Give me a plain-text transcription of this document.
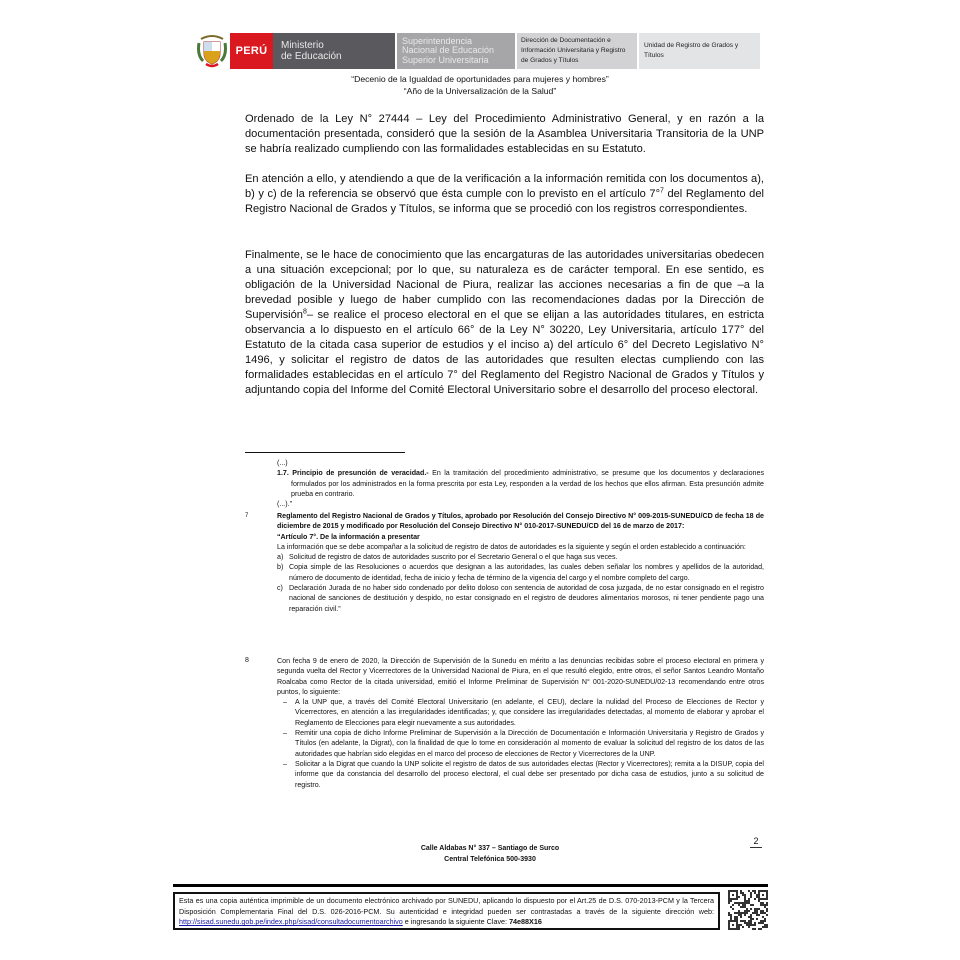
PERÚ Ministerio
de Educación
Superintendencia
Nacional de Educación
Superior Universitaria
Dirección de Documentación e
Información Universitaria y Registro
de Grados y Títulos
Unidad de Registro de Grados y
Títulos
“Decenio de la Igualdad de oportunidades para mujeres y hombres”
“Año de la Universalización de la Salud”

Ordenado de la Ley N° 27444 – Ley del Procedimiento Administrativo General, y en razón a la documentación presentada, consideró que la sesión de la Asamblea Universitaria Transitoria de la UNP se habría realizado cumpliendo con las formalidades establecidas en su Estatuto.

En atención a ello, y atendiendo a que de la verificación a la información remitida con los documentos a), b) y c) de la referencia se observó que ésta cumple con lo previsto en el artículo 7°$^7$ del Reglamento del Registro Nacional de Grados y Títulos, se informa que se procedió con los registros correspondientes.

Finalmente, se le hace de conocimiento que las encargaturas de las autoridades universitarias obedecen a una situación excepcional; por lo que, su naturaleza es de carácter temporal. En ese sentido, es obligación de la Universidad Nacional de Piura, realizar las acciones necesarias a fin de que –a la brevedad posible y luego de haber cumplido con las recomendaciones dadas por la Dirección de Supervisión$^8$– se realice el proceso electoral en el que se elijan a las autoridades titulares, en estricta observancia a lo dispuesto en el artículo 66° de la Ley N° 30220, Ley Universitaria, artículo 177° del Estatuto de la citada casa superior de estudios y el inciso a) del artículo 6° del Decreto Legislativo N° 1496, y solicitar el registro de datos de las autoridades que resulten electas cumpliendo con las formalidades establecidas en el artículo 7° del Reglamento del Registro Nacional de Grados y Títulos y adjuntando copia del Informe del Comité Electoral Universitario sobre el desarrollo del proceso electoral.

(...)
1.7. Principio de presunción de veracidad.- En la tramitación del procedimiento administrativo, se presume que los documentos y declaraciones formulados por los administrados en la forma prescrita por esta Ley, responden a la verdad de los hechos que ellos afirman. Esta presunción admite prueba en contrario.
(...).”
7	Reglamento del Registro Nacional de Grados y Títulos, aprobado por Resolución del Consejo Directivo N° 009-2015-SUNEDU/CD de fecha 18 de diciembre de 2015 y modificado por Resolución del Consejo Directivo N° 010-2017-SUNEDU/CD del 16 de marzo de 2017:
“Artículo 7°. De la información a presentar
La información que se debe acompañar a la solicitud de registro de datos de autoridades es la siguiente y según el orden establecido a continuación:
a) Solicitud de registro de datos de autoridades suscrito por el Secretario General o el que haga sus veces.
b) Copia simple de las Resoluciones o acuerdos que designan a las autoridades, las cuales deben señalar los nombres y apellidos de la autoridad, número de documento de identidad, fecha de inicio y fecha de término de la vigencia del cargo y el nombre completo del cargo.
c) Declaración Jurada de no haber sido condenado por delito doloso con sentencia de autoridad de cosa juzgada, de no estar consignado en el registro nacional de sanciones de destitución y despido, no estar consignado en el registro de deudores alimentarios morosos, ni tener pendiente pago una reparación civil.”
8	Con fecha 9 de enero de 2020, la Dirección de Supervisión de la Sunedu en mérito a las denuncias recibidas sobre el proceso electoral en primera y segunda vuelta del Rector y Vicerrectores de la Universidad Nacional de Piura, en el que resultó elegido, entre otros, el señor Santos Leandro Montaño Roalcaba como Rector de la citada universidad, emitió el Informe Preliminar de Supervisión N° 001-2020-SUNEDU/02-13 recomendando entre otros puntos, lo siguiente:
– A la UNP que, a través del Comité Electoral Universitario (en adelante, el CEU), declare la nulidad del Proceso de Elecciones de Rector y Vicerrectores, en atención a las irregularidades identificadas; y, que considere las irregularidades detectadas, al momento de elaborar y aprobar el Reglamento de Elecciones para elegir nuevamente a sus autoridades.
– Remitir una copia de dicho Informe Preliminar de Supervisión a la Dirección de Documentación e Información Universitaria y Registro de Grados y Títulos (en adelante, la Digrat), con la finalidad de que lo tome en consideración al momento de evaluar la solicitud del registro de los datos de las autoridades que habrían sido elegidas en el marco del proceso de elecciones de Rector y Vicerrectores de la UNP.
– Solicitar a la Digrat que cuando la UNP solicite el registro de datos de sus autoridades electas (Rector y Vicerrectores); remita a la DISUP, copia del informe que da constancia del desarrollo del proceso electoral, el cual debe ser presentado por dicha casa de estudios, junto a su solicitud de registro.
2
Calle Aldabas N° 337 – Santiago de Surco
Central Telefónica 500-3930
Esta es una copia auténtica imprimible de un documento electrónico archivado por SUNEDU, aplicando lo dispuesto por el Art.25 de D.S. 070-2013-PCM y la Tercera Disposición Complementaria Final del D.S. 026-2016-PCM. Su autenticidad e integridad pueden ser contrastadas a través de la siguiente dirección web: http://sisad.sunedu.gob.pe/index.php/sisad/consultadocumentoarchivo e ingresando la siguiente Clave: 74e88X16
